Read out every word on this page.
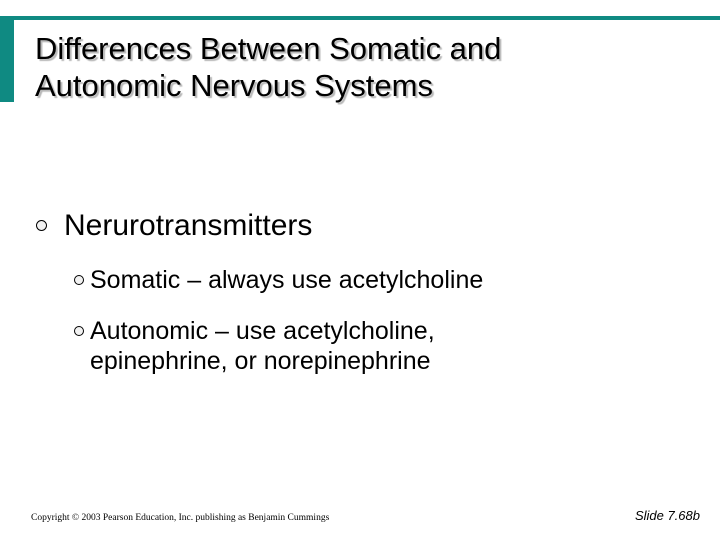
Differences Between Somatic and
Autonomic Nervous Systems
Nerurotransmitters
Somatic – always use acetylcholine
Autonomic – use acetylcholine, epinephrine, or norepinephrine
Copyright © 2003 Pearson Education, Inc. publishing as Benjamin Cummings	Slide 7.68b
